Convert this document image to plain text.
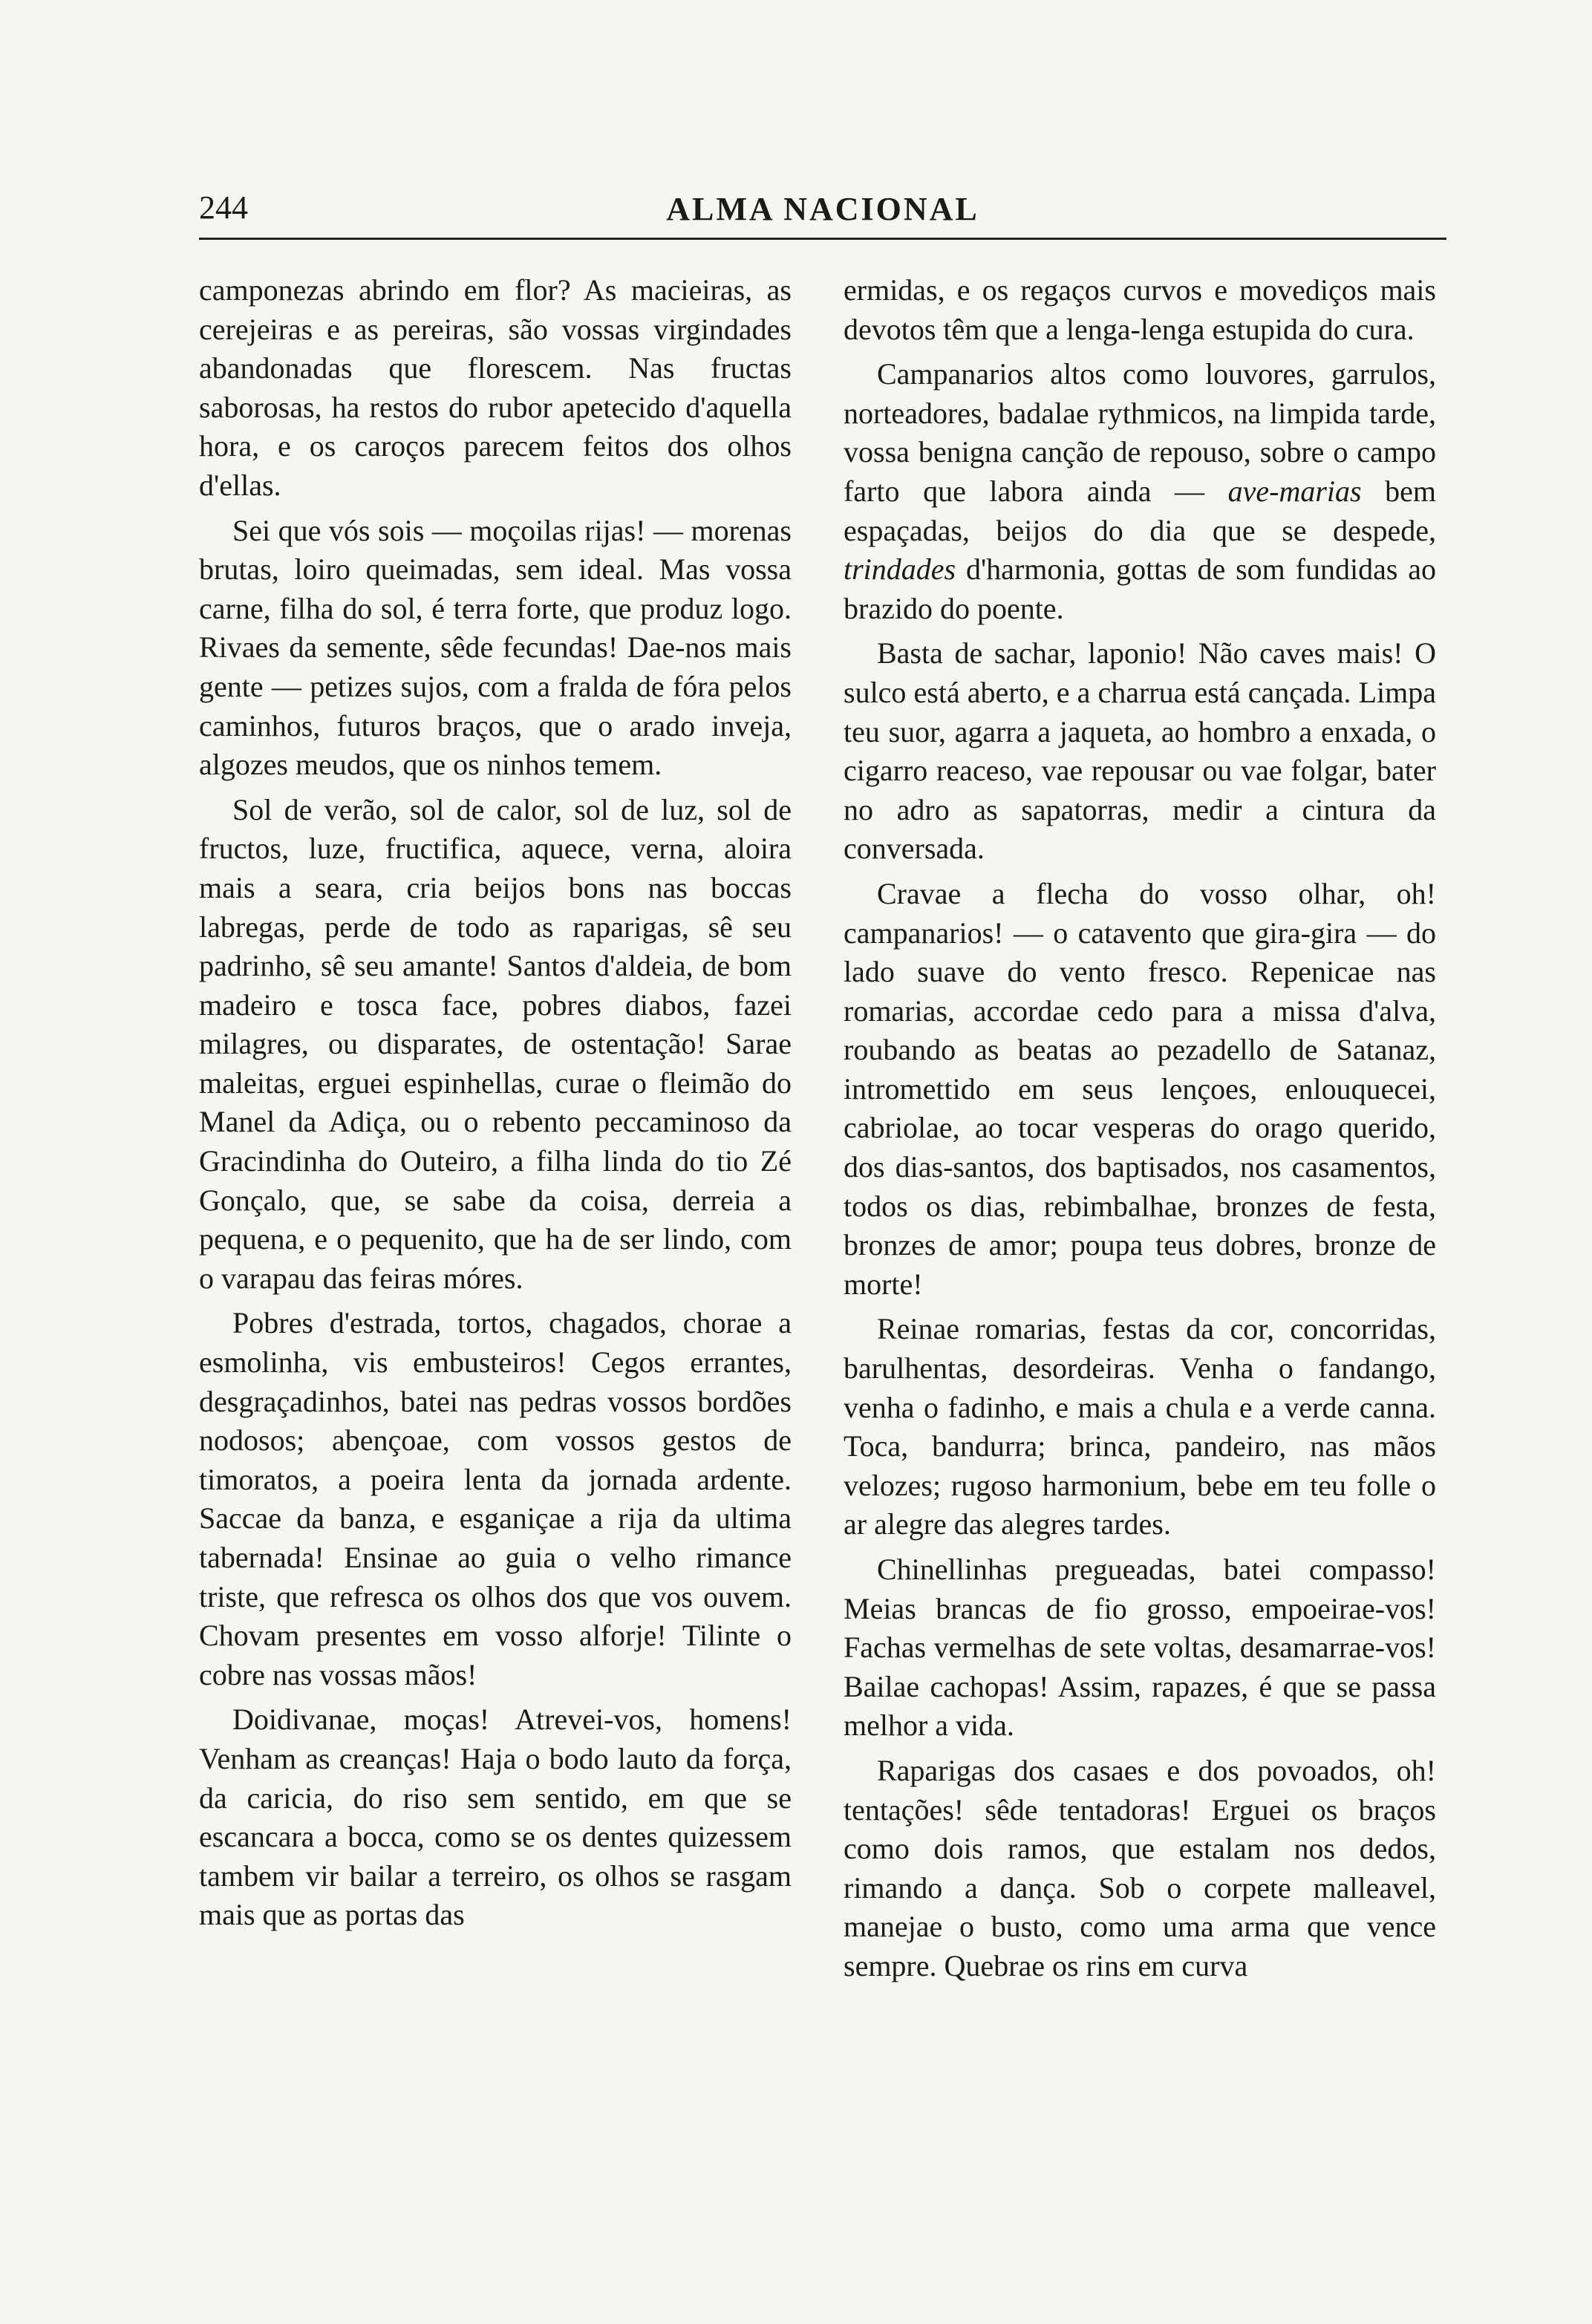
244	ALMA NACIONAL

camponezas abrindo em flor? As macieiras, as cerejeiras e as pereiras, são vossas virgindades abandonadas que florescem. Nas fructas saborosas, ha restos do rubor apetecido d'aquella hora, e os caroços parecem feitos dos olhos d'ellas.

Sei que vós sois — moçoilas rijas! — morenas brutas, loiro queimadas, sem ideal. Mas vossa carne, filha do sol, é terra forte, que produz logo. Rivaes da semente, sêde fecundas! Dae-nos mais gente — petizes sujos, com a fralda de fóra pelos caminhos, futuros braços, que o arado inveja, algozes meudos, que os ninhos temem.

Sol de verão, sol de calor, sol de luz, sol de fructos, luze, fructifica, aquece, verna, aloira mais a seara, cria beijos bons nas boccas labregas, perde de todo as raparigas, sê seu padrinho, sê seu amante! Santos d'aldeia, de bom madeiro e tosca face, pobres diabos, fazei milagres, ou disparates, de ostentação! Sarae maleitas, erguei espinhellas, curae o fleimão do Manel da Adiça, ou o rebento peccaminoso da Gracindinha do Outeiro, a filha linda do tio Zé Gonçalo, que, se sabe da coisa, derreia a pequena, e o pequenito, que ha de ser lindo, com o varapau das feiras móres.

Pobres d'estrada, tortos, chagados, chorae a esmolinha, vis embusteiros! Cegos errantes, desgraçadinhos, batei nas pedras vossos bordões nodosos; abençoae, com vossos gestos de timoratos, a poeira lenta da jornada ardente. Saccae da banza, e esganiçae a rija da ultima tabernada! Ensinae ao guia o velho rimance triste, que refresca os olhos dos que vos ouvem. Chovam presentes em vosso alforje! Tilinte o cobre nas vossas mãos!

Doidivanae, moças! Atrevei-vos, homens! Venham as creanças! Haja o bodo lauto da força, da caricia, do riso sem sentido, em que se escancara a bocca, como se os dentes quizessem tambem vir bailar a terreiro, os olhos se rasgam mais que as portas das

ermidas, e os regaços curvos e movediços mais devotos têm que a lenga-lenga estupida do cura.

Campanarios altos como louvores, garrulos, norteadores, badalae rythmicos, na limpida tarde, vossa benigna canção de repouso, sobre o campo farto que labora ainda — ave-marias bem espaçadas, beijos do dia que se despede, trindades d'harmonia, gottas de som fundidas ao brazido do poente.

Basta de sachar, laponio! Não caves mais! O sulco está aberto, e a charrua está cançada. Limpa teu suor, agarra a jaqueta, ao hombro a enxada, o cigarro reaceso, vae repousar ou vae folgar, bater no adro as sapatorras, medir a cintura da conversada.

Cravae a flecha do vosso olhar, oh! campanarios! — o catavento que gira-gira — do lado suave do vento fresco. Repenicae nas romarias, accordae cedo para a missa d'alva, roubando as beatas ao pezadello de Satanaz, intromettido em seus lençoes, enlouquecei, cabriolae, ao tocar vesperas do orago querido, dos dias-santos, dos baptisados, nos casamentos, todos os dias, rebimbalhae, bronzes de festa, bronzes de amor; poupa teus dobres, bronze de morte!

Reinae romarias, festas da cor, concorridas, barulhentas, desordeiras. Venha o fandango, venha o fadinho, e mais a chula e a verde canna. Toca, bandurra; brinca, pandeiro, nas mãos velozes; rugoso harmonium, bebe em teu folle o ar alegre das alegres tardes.

Chinellinhas pregueadas, batei compasso! Meias brancas de fio grosso, empoeirae-vos! Fachas vermelhas de sete voltas, desamarrae-vos! Bailae cachopas! Assim, rapazes, é que se passa melhor a vida.

Raparigas dos casaes e dos povoados, oh! tentações! sêde tentadoras! Erguei os braços como dois ramos, que estalam nos dedos, rimando a dança. Sob o corpete malleavel, manejae o busto, como uma arma que vence sempre. Quebrae os rins em curva
